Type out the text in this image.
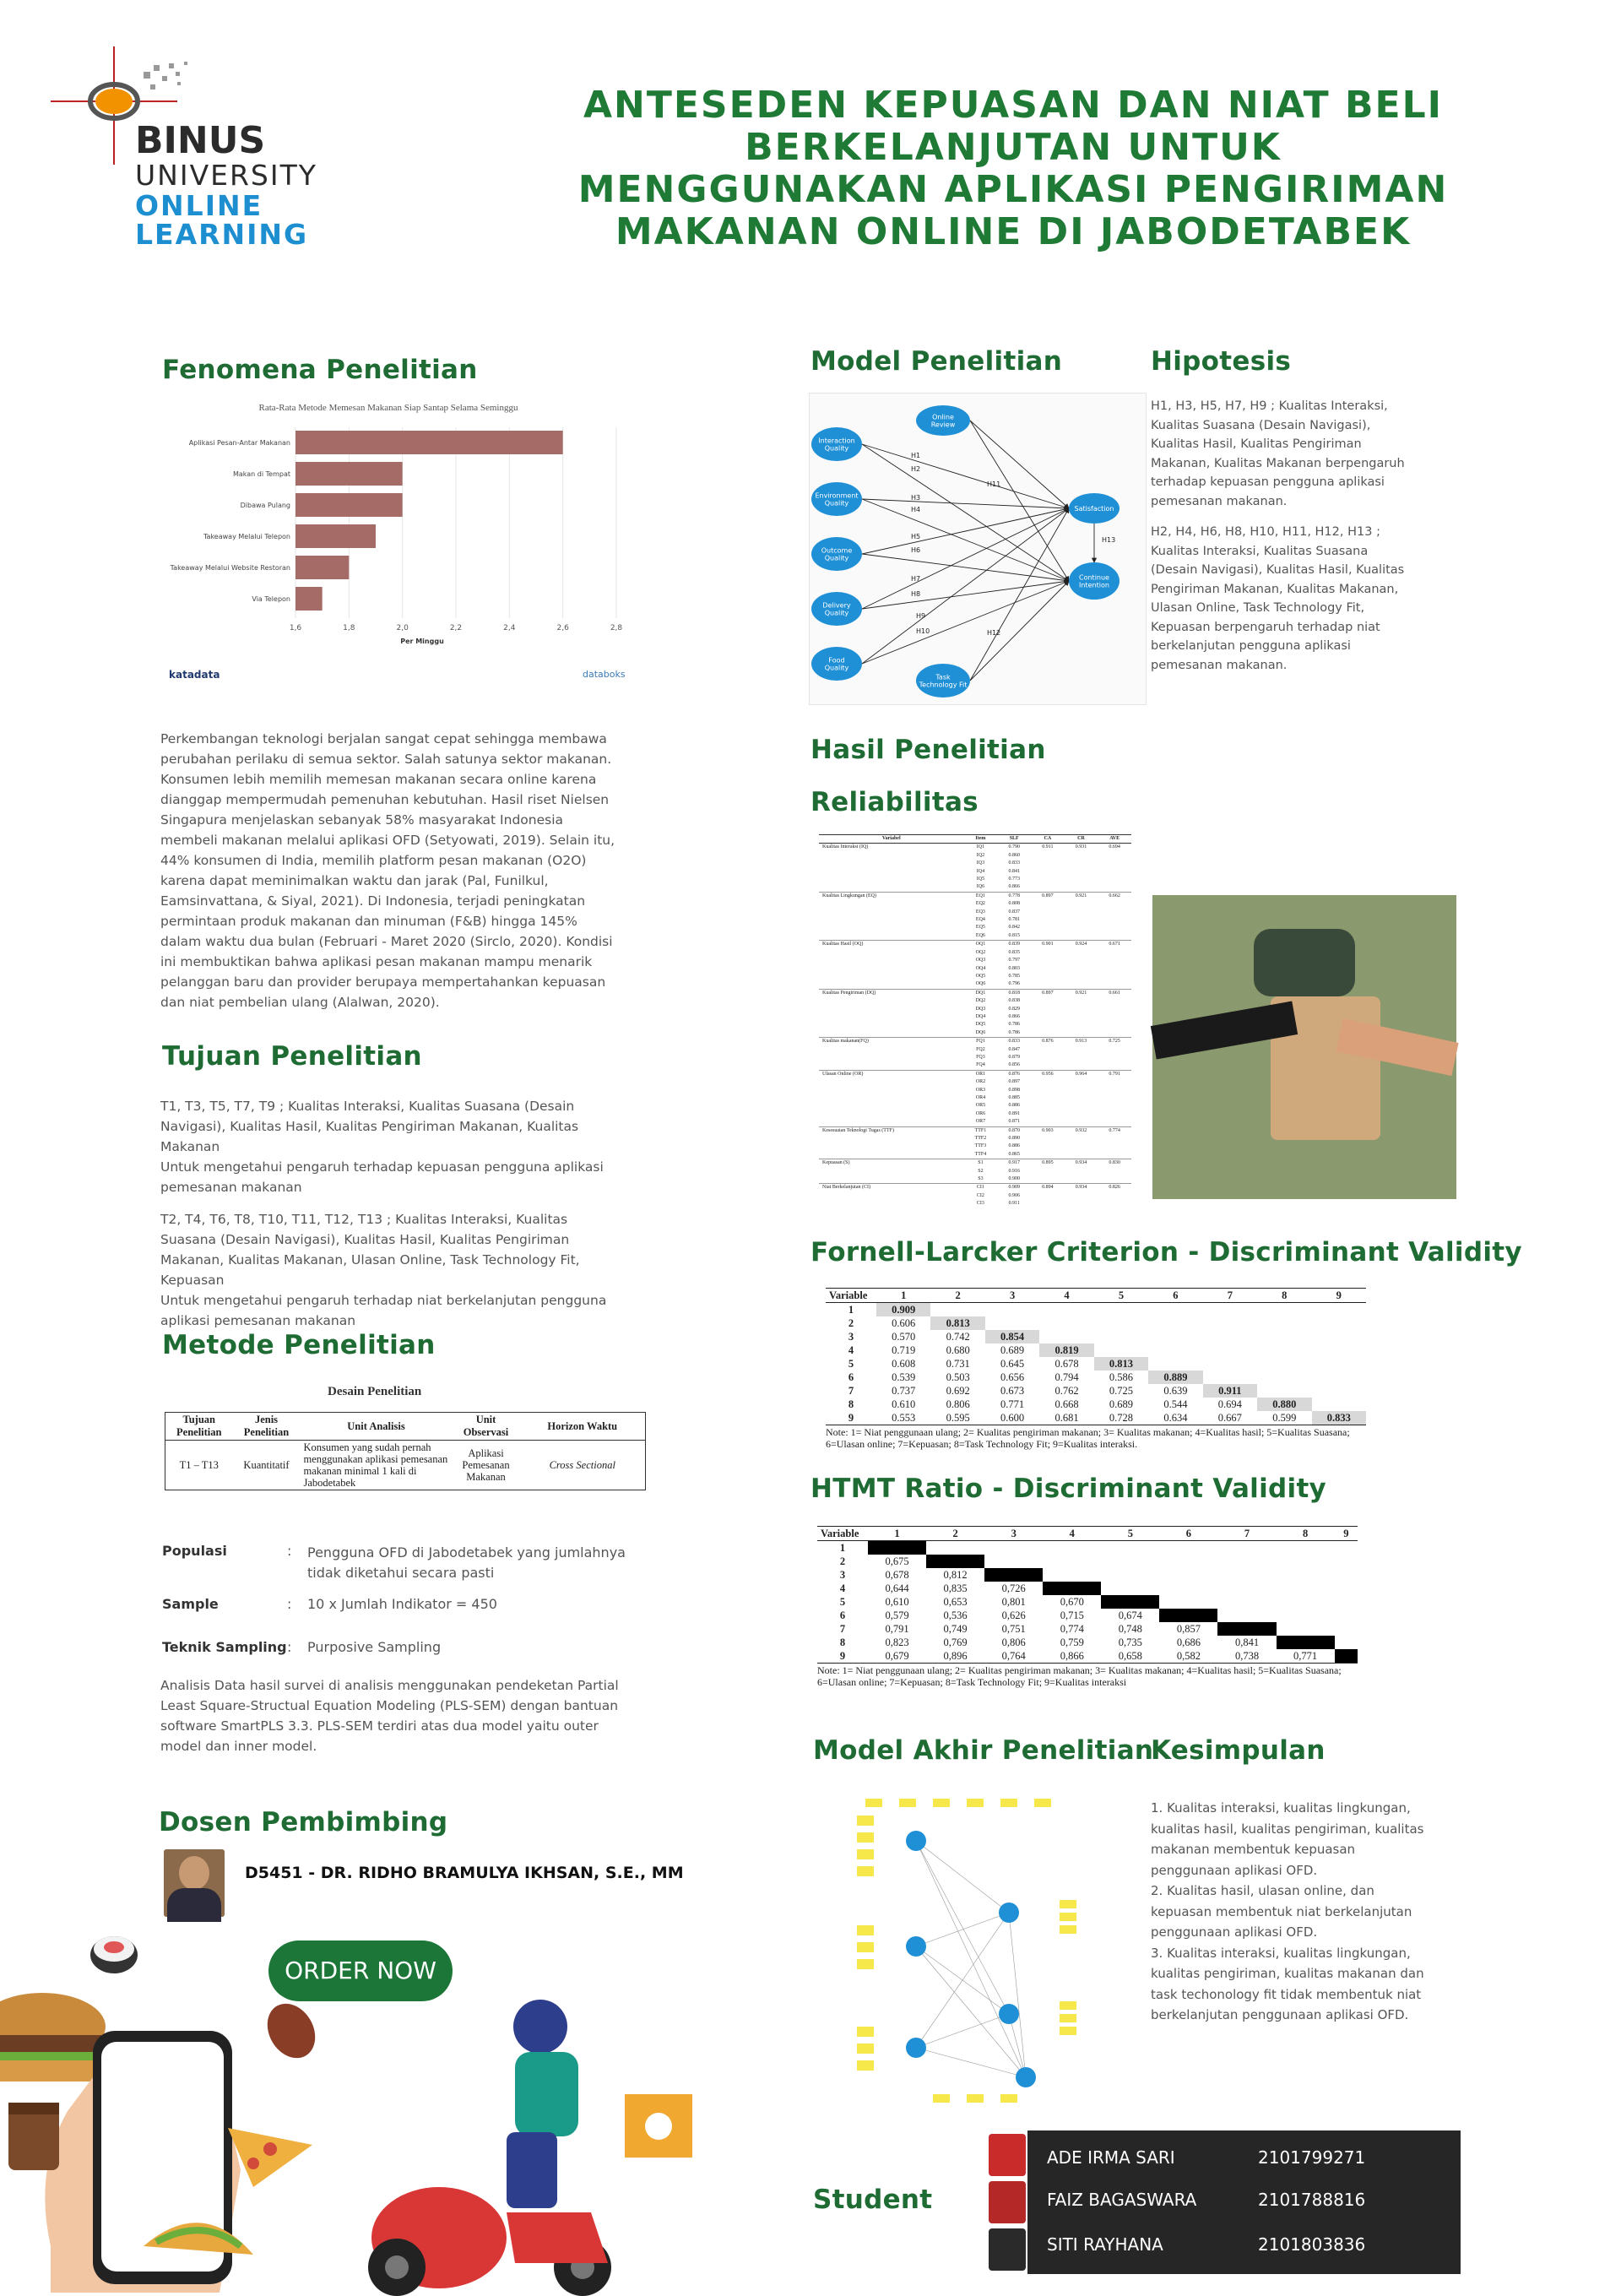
BINUS
UNIVERSITY
ONLINE
LEARNING
ANTESEDEN KEPUASAN DAN NIAT BELI
BERKELANJUTAN UNTUK
MENGGUNAKAN APLIKASI PENGIRIMAN
MAKANAN ONLINE DI JABODETABEK
Fenomena Penelitian
Rata-Rata Metode Memesan Makanan Siap Santap Selama Seminggu
1,6	1,8	2,0	2,2	2,4	2,6	2,8
Per Minggu
Aplikasi Pesan-Antar Makanan
Makan di Tempat
Dibawa Pulang
Takeaway Melalui Telepon
Takeaway Melalui Website Restoran
Via Telepon
katadata	databoks

Perkembangan teknologi berjalan sangat cepat sehingga membawa perubahan perilaku di semua sektor. Salah satunya sektor makanan. Konsumen lebih memilih memesan makanan secara online karena dianggap mempermudah pemenuhan kebutuhan. Hasil riset Nielsen Singapura menjelaskan sebanyak 58% masyarakat Indonesia membeli makanan melalui aplikasi OFD (Setyowati, 2019). Selain itu, 44% konsumen di India, memilih platform pesan makanan (O2O) karena dapat meminimalkan waktu dan jarak (Pal, Funilkul, Eamsinvattana, & Siyal, 2021). Di Indonesia, terjadi peningkatan permintaan produk makanan dan minuman (F&B) hingga 145% dalam waktu dua bulan (Februari - Maret 2020 (Sirclo, 2020). Kondisi ini membuktikan bahwa aplikasi pesan makanan mampu menarik pelanggan baru dan provider berupaya mempertahankan kepuasan dan niat pembelian ulang (Alalwan, 2020).

Tujuan Penelitian
T1, T3, T5, T7, T9 ; Kualitas Interaksi, Kualitas Suasana (Desain Navigasi), Kualitas Hasil, Kualitas Pengiriman Makanan, Kualitas Makanan
Untuk mengetahui pengaruh terhadap kepuasan pengguna aplikasi pemesanan makanan
T2, T4, T6, T8, T10, T11, T12, T13 ; Kualitas Interaksi, Kualitas Suasana (Desain Navigasi), Kualitas Hasil, Kualitas Pengiriman Makanan, Kualitas Makanan, Ulasan Online, Task Technology Fit, Kepuasan
Untuk mengetahui pengaruh terhadap niat berkelanjutan pengguna aplikasi pemesanan makanan
Metode Penelitian
Desain Penelitian
Tujuan Penelitian	Jenis Penelitian	Unit Analisis	Unit Observasi	Horizon Waktu
T1 – T13	Kuantitatif	Konsumen yang sudah pernah menggunakan aplikasi pemesanan makanan minimal 1 kali di Jabodetabek	Aplikasi Pemesanan Makanan	Cross Sectional
Populasi	: Pengguna OFD di Jabodetabek yang jumlahnya tidak diketahui secara pasti
Sample	: 10 x Jumlah Indikator = 450
Teknik Sampling : Purposive Sampling
Analisis Data hasil survei di analisis menggunakan pendeketan Partial Least Square-Structual Equation Modeling (PLS-SEM) dengan bantuan software SmartPLS 3.3. PLS-SEM terdiri atas dua model yaitu outer model dan inner model.
Dosen Pembimbing
D5451 - DR. RIDHO BRAMULYA IKHSAN, S.E., MM
ORDER NOW
Model Penelitian
H1
H2
H3
H4
H5
H6
H7
H8
H9
H10
H11
H12
H13
Interaction
Quality
Environment
Quality
Outcome
Quality
Delivery
Quality
Food
Quality
Online
Review
Task
Technology Fit
Satisfaction
Continue
Intention
Hipotesis

H1, H3, H5, H7, H9 ; Kualitas Interaksi, Kualitas Suasana (Desain Navigasi), Kualitas Hasil, Kualitas Pengiriman Makanan, Kualitas Makanan berpengaruh terhadap kepuasan pengguna aplikasi pemesanan makanan.

H2, H4, H6, H8, H10, H11, H12, H13 ; Kualitas Interaksi, Kualitas Suasana (Desain Navigasi), Kualitas Hasil, Kualitas Pengiriman Makanan, Kualitas Makanan, Ulasan Online, Task Technology Fit, Kepuasan berpengaruh terhadap niat berkelanjutan pengguna aplikasi pemesanan makanan.

Hasil Penelitian
Reliabilitas
Variabel	Item	SLF	CA	CR	AVE
Kualitas Interaksi (IQ)	IQ1	0.790	0.911	0.931	0.694
	IQ2	0.860			
	IQ3	0.833			
	IQ4	0.841			
	IQ5	0.773			
	IQ6	0.866			
Kualitas Lingkungan (EQ)	EQ1	0.778	0.897	0.921	0.662
	EQ2	0.808			
	EQ3	0.837			
	EQ4	0.781			
	EQ5	0.842			
	EQ6	0.815			
Kualitas Hasil (OQ)	OQ1	0.839	0.901	0.924	0.671
	OQ2	0.835			
	OQ3	0.797			
	OQ4	0.803			
	OQ5	0.785			
	OQ6	0.796			
Kualitas Pengiriman (DQ)	DQ1	0.818	0.897	0.921	0.661
	DQ2	0.838			
	DQ3	0.829			
	DQ4	0.866			
	DQ5	0.786			
	DQ6	0.786			
Kualitas makanan(FQ)	FQ1	0.833	0.876	0.913	0.725
	FQ2	0.847			
	FQ3	0.879			
	FQ4	0.856			
Ulasan Online (OR)	OR1	0.876	0.956	0.964	0.791
	OR2	0.897			
	OR3	0.898			
	OR4	0.885			
	OR5	0.886			
	OR6	0.891			
	OR7	0.871			
Kesesuaian Teknologi Tugas (TTF)	TTF1	0.870	0.903	0.932	0.774
	TTF2	0.890			
	TTF3	0.886			
	TTF4	0.865			
Kepuasan (S)	S1	0.917	0.895	0.934	0.830
	S2	0.916			
	S3	0.900			
Niat Berkelanjutan (CI)	CI1	0.909	0.894	0.934	0.826
	CI2	0.906			
	CI3	0.911			
Fornell-Larcker Criterion - Discriminant Validity
Variable	1	2	3	4	5	6	7	8	9
1	0.909								
2	0.606	0.813							
3	0.570	0.742	0.854						
4	0.719	0.680	0.689	0.819					
5	0.608	0.731	0.645	0.678	0.813				
6	0.539	0.503	0.656	0.794	0.586	0.889			
7	0.737	0.692	0.673	0.762	0.725	0.639	0.911		
8	0.610	0.806	0.771	0.668	0.689	0.544	0.694	0.880	
9	0.553	0.595	0.600	0.681	0.728	0.634	0.667	0.599	0.833
Note: 1= Niat penggunaan ulang; 2= Kualitas pengiriman makanan; 3= Kualitas makanan; 4=Kualitas hasil; 5=Kualitas Suasana; 6=Ulasan online; 7=Kepuasan; 8=Task Technology Fit; 9=Kualitas interaksi.
HTMT Ratio - Discriminant Validity
Variable	1	2	3	4	5	6	7	8	9
1									
2	0,675								
3	0,678	0,812							
4	0,644	0,835	0,726						
5	0,610	0,653	0,801	0,670					
6	0,579	0,536	0,626	0,715	0,674				
7	0,791	0,749	0,751	0,774	0,748	0,857			
8	0,823	0,769	0,806	0,759	0,735	0,686	0,841		
9	0,679	0,896	0,764	0,866	0,658	0,582	0,738	0,771	
Note: 1= Niat penggunaan ulang; 2= Kualitas pengiriman makanan; 3= Kualitas makanan; 4=Kualitas hasil; 5=Kualitas Suasana; 6=Ulasan online; 7=Kepuasan; 8=Task Technology Fit; 9=Kualitas interaksi
Model Akhir Penelitian
Kesimpulan
1. Kualitas interaksi, kualitas lingkungan, kualitas hasil, kualitas pengiriman, kualitas makanan membentuk kepuasan penggunaan aplikasi OFD.
2. Kualitas hasil, ulasan online, dan kepuasan membentuk niat berkelanjutan penggunaan aplikasi OFD.
3. Kualitas interaksi, kualitas lingkungan, kualitas pengiriman, kualitas makanan dan task techonology fit tidak membentuk niat berkelanjutan penggunaan aplikasi OFD.
Student
ADE IRMA SARI	2101799271
FAIZ BAGASWARA	2101788816
SITI RAYHANA	2101803836
